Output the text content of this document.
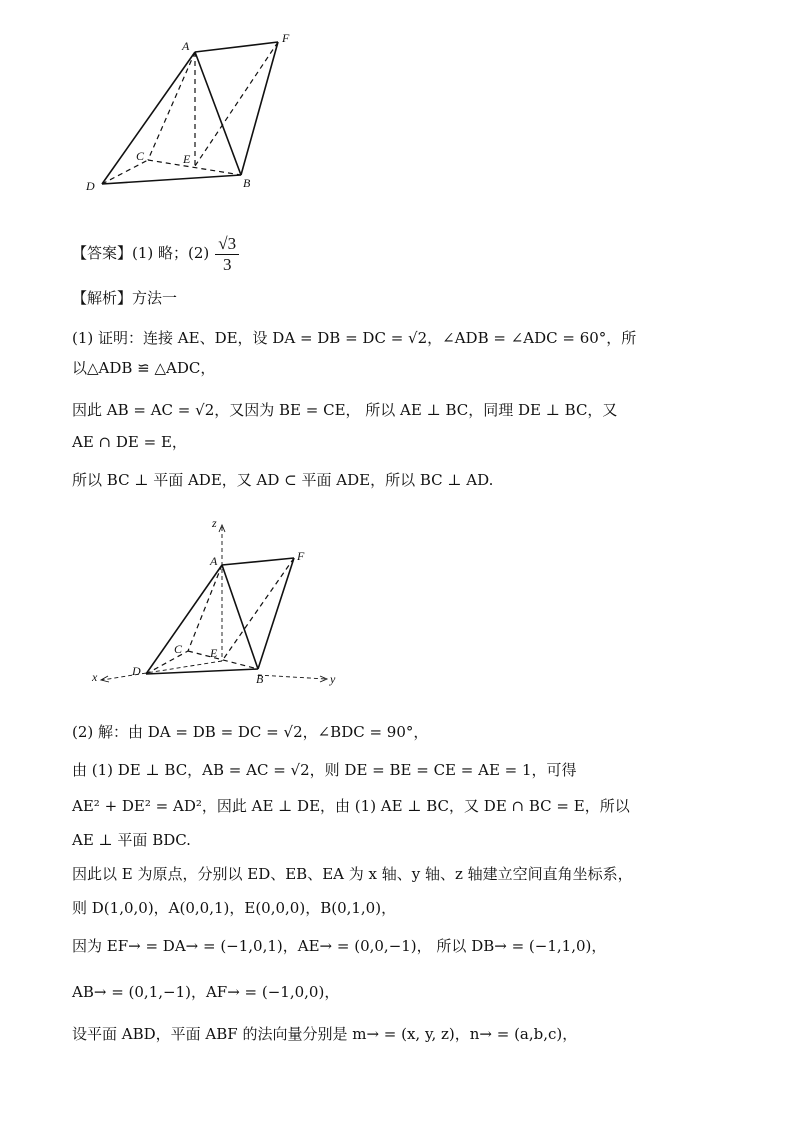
A
F
C	E
D	B
【答案】(1) 略；$(2) \frac{√3}{3}$
【解析】方法一
(1) 证明：连接 AE、DE，设 DA = DB = DC = √2，∠ADB = ∠ADC = 60°，所
以△ADB ≌ △ADC，
因此 AB = AC = √2，又因为 BE = CE， 所以 AE ⊥ BC，同理 DE ⊥ BC，又
AE ∩ DE = E，
所以 BC ⊥ 平面 ADE，又 AD ⊂ 平面 ADE，所以 BC ⊥ AD.
z
A	F
C E
D
B
x	y
(2) 解：由 DA = DB = DC = √2，∠BDC = 90°，
由 (1) DE ⊥ BC，AB = AC = √2，则 DE = BE = CE = AE = 1，可得
AE² + DE² = AD²，因此 AE ⊥ DE，由 (1) AE ⊥ BC，又 DE ∩ BC = E，所以
AE ⊥ 平面 BDC.
因此以 E 为原点，分别以 ED、EB、EA 为 x 轴、y 轴、z 轴建立空间直角坐标系，
则 D(1,0,0)，A(0,0,1)，E(0,0,0)，B(0,1,0)，
因为 EF→ = DA→ = (−1,0,1)，AE→ = (0,0,−1)， 所以 DB→ = (−1,1,0)，
AB→ = (0,1,−1)，AF→ = (−1,0,0)，
设平面 ABD，平面 ABF 的法向量分别是 m→ = (x, y, z)，n→ = (a,b,c)，
